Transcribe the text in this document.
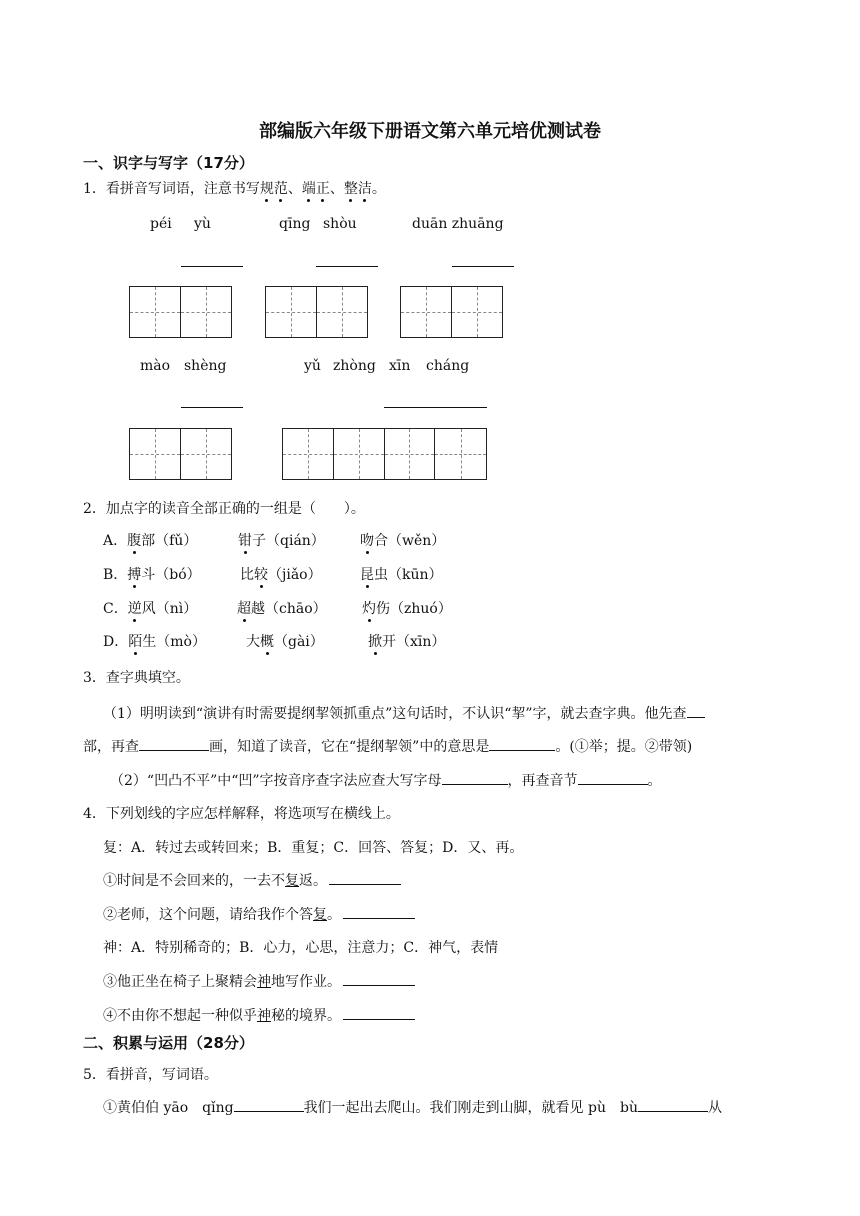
部编版六年级下册语文第六单元培优测试卷
一、识字与写字（17分）
1．看拼音写词语，注意书写规范、端正、整洁。
péi yù	qīng shòu	duān zhuāng
mào shèng	yǔ zhòng xīn cháng
2．加点字的读音全部正确的一组是（　　）。
A．腹部（fǔ）	钳子（qián）	吻合（wěn）
B．搏斗（bó）	比较（jiǎo）	昆虫（kūn）
C．逆风（nì）	超越（chāo）	灼伤（zhuó）
D．陌生（mò）	大概（gài）	掀开（xīn）
3．查字典填空。
（1）明明读到“演讲有时需要提纲挈领抓重点”这句话时，不认识“挈”字，就去查字典。他先查
部，再查	画，知道了读音，它在“提纲挈领”中的意思是	。(①举；提。②带领)
（2）“凹凸不平”中“凹”字按音序查字法应查大写字母	，再查音节	。
4．下列划线的字应怎样解释，将选项写在横线上。
复：A．转过去或转回来；B．重复；C．回答、答复；D．又、再。
①时间是不会回来的，一去不复返。
②老师，这个问题，请给我作个答复。
神：A．特别稀奇的；B．心力，心思，注意力；C．神气，表情
③他正坐在椅子上聚精会神地写作业。
④不由你不想起一种似乎神秘的境界。
二、积累与运用（28分）
5．看拼音，写词语。
①黄伯伯 yāo　qǐng	我们一起出去爬山。我们刚走到山脚，就看见 pù　bù	从
